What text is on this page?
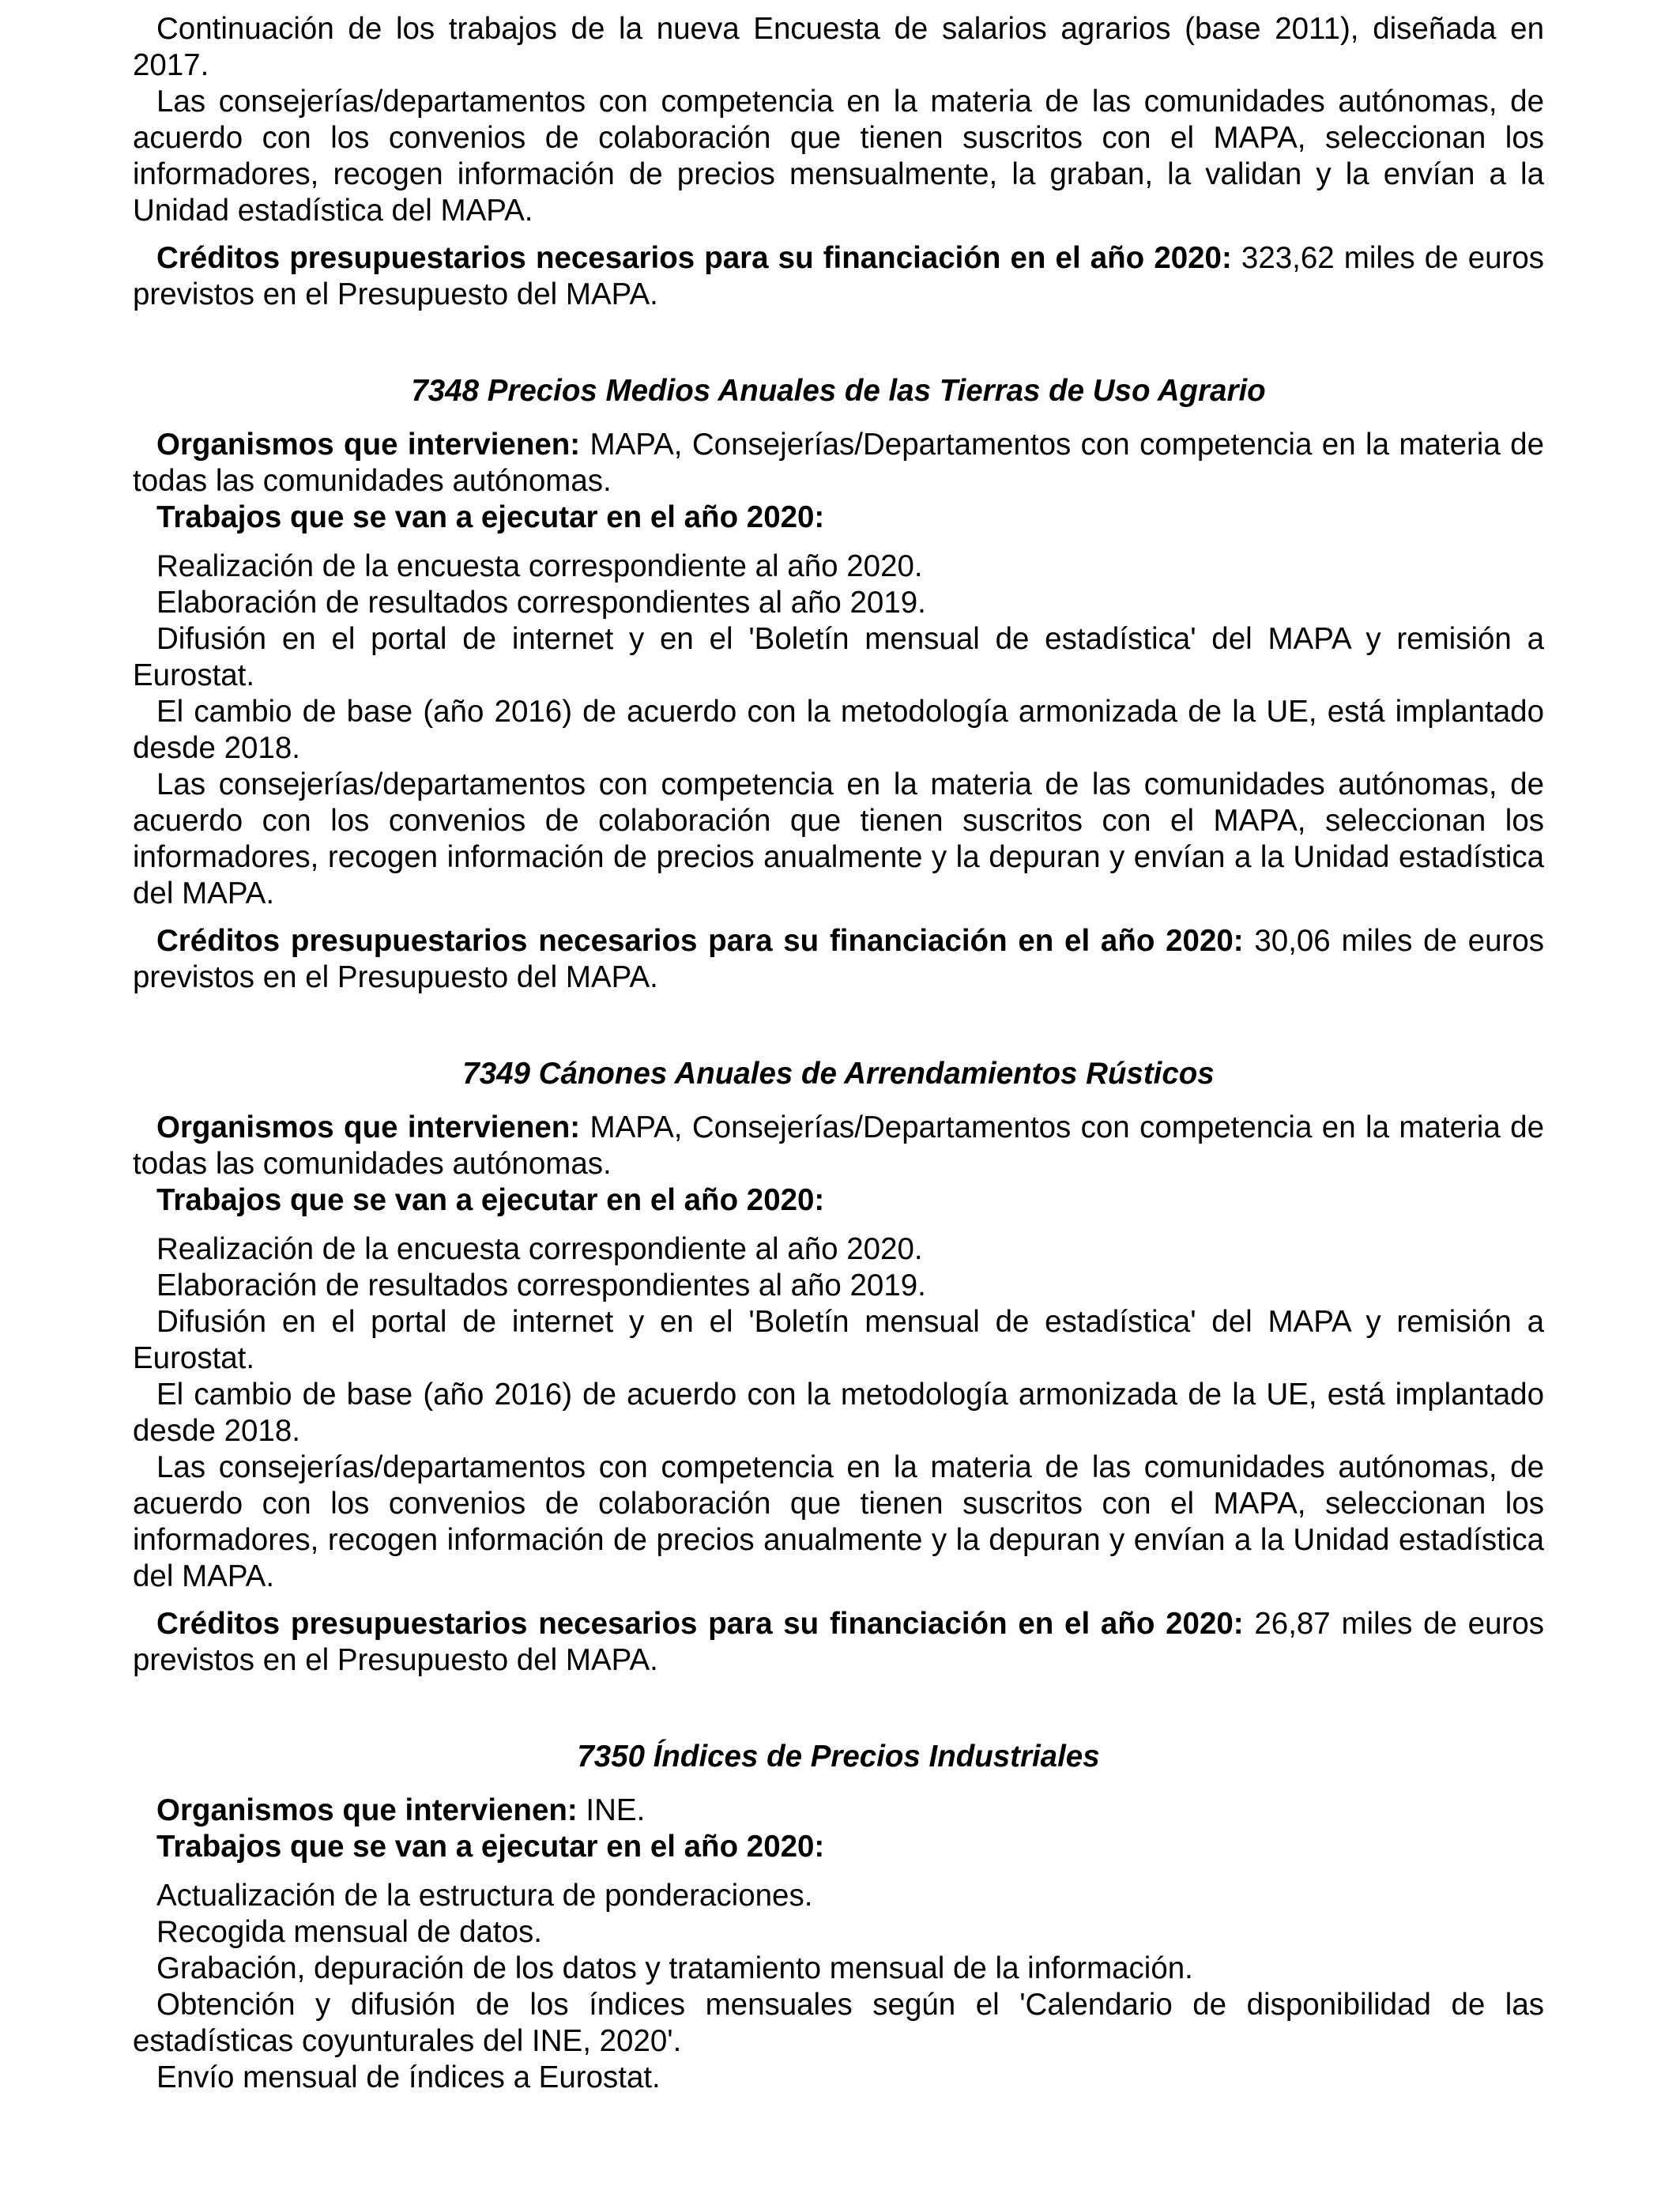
Continuación de los trabajos de la nueva Encuesta de salarios agrarios (base 2011), diseñada en 2017.

Las consejerías/departamentos con competencia en la materia de las comunidades autónomas, de acuerdo con los convenios de colaboración que tienen suscritos con el MAPA, seleccionan los informadores, recogen información de precios mensualmente, la graban, la validan y la envían a la Unidad estadística del MAPA.

Créditos presupuestarios necesarios para su financiación en el año 2020: 323,62 miles de euros previstos en el Presupuesto del MAPA.

7348 Precios Medios Anuales de las Tierras de Uso Agrario

Organismos que intervienen: MAPA, Consejerías/Departamentos con competencia en la materia de todas las comunidades autónomas.

Trabajos que se van a ejecutar en el año 2020:

Realización de la encuesta correspondiente al año 2020.

Elaboración de resultados correspondientes al año 2019.

Difusión en el portal de internet y en el 'Boletín mensual de estadística' del MAPA y remisión a Eurostat.

El cambio de base (año 2016) de acuerdo con la metodología armonizada de la UE, está implantado desde 2018.

Las consejerías/departamentos con competencia en la materia de las comunidades autónomas, de acuerdo con los convenios de colaboración que tienen suscritos con el MAPA, seleccionan los informadores, recogen información de precios anualmente y la depuran y envían a la Unidad estadística del MAPA.

Créditos presupuestarios necesarios para su financiación en el año 2020: 30,06 miles de euros previstos en el Presupuesto del MAPA.

7349 Cánones Anuales de Arrendamientos Rústicos

Organismos que intervienen: MAPA, Consejerías/Departamentos con competencia en la materia de todas las comunidades autónomas.

Trabajos que se van a ejecutar en el año 2020:

Realización de la encuesta correspondiente al año 2020.

Elaboración de resultados correspondientes al año 2019.

Difusión en el portal de internet y en el 'Boletín mensual de estadística' del MAPA y remisión a Eurostat.

El cambio de base (año 2016) de acuerdo con la metodología armonizada de la UE, está implantado desde 2018.

Las consejerías/departamentos con competencia en la materia de las comunidades autónomas, de acuerdo con los convenios de colaboración que tienen suscritos con el MAPA, seleccionan los informadores, recogen información de precios anualmente y la depuran y envían a la Unidad estadística del MAPA.

Créditos presupuestarios necesarios para su financiación en el año 2020: 26,87 miles de euros previstos en el Presupuesto del MAPA.

7350 Índices de Precios Industriales

Organismos que intervienen: INE.

Trabajos que se van a ejecutar en el año 2020:

Actualización de la estructura de ponderaciones.

Recogida mensual de datos.

Grabación, depuración de los datos y tratamiento mensual de la información.

Obtención y difusión de los índices mensuales según el 'Calendario de disponibilidad de las estadísticas coyunturales del INE, 2020'.

Envío mensual de índices a Eurostat.
